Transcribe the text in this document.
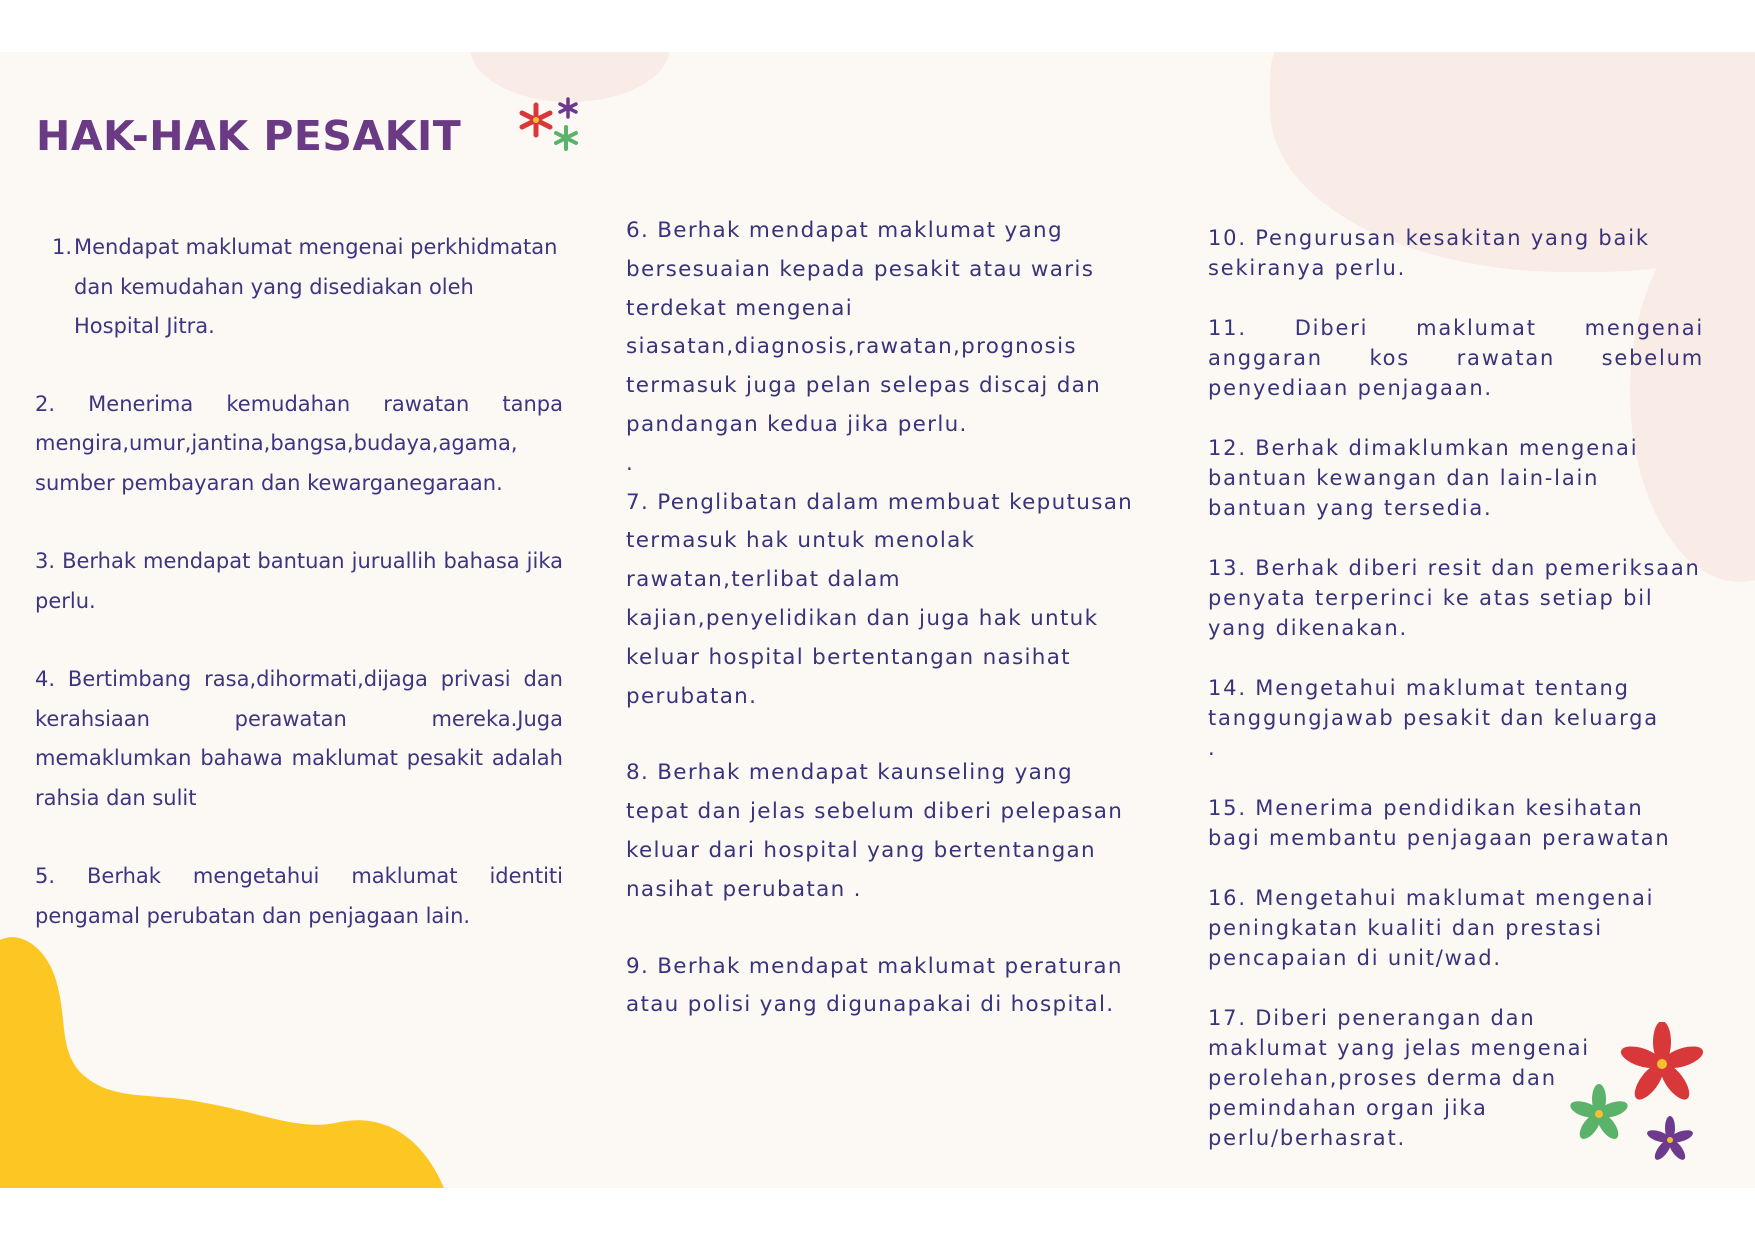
HAK-HAK PESAKIT
1. Mendapat maklumat mengenai perkhidmatan dan kemudahan yang disediakan oleh Hospital Jitra.

2. Menerima kemudahan rawatan tanpa mengira,umur,jantina,bangsa,budaya,agama, sumber pembayaran dan kewarganegaraan.

3. Berhak mendapat bantuan juruallih bahasa jika perlu.

4. Bertimbang rasa,dihormati,dijaga privasi dan kerahsiaan perawatan mereka.Juga memaklumkan bahawa maklumat pesakit adalah rahsia dan sulit

5. Berhak mengetahui maklumat identiti pengamal perubatan dan penjagaan lain.

6. Berhak mendapat maklumat yang bersesuaian kepada pesakit atau waris terdekat mengenai siasatan,diagnosis,rawatan,prognosis termasuk juga pelan selepas discaj dan pandangan kedua jika perlu.

.

7. Penglibatan dalam membuat keputusan termasuk hak untuk menolak rawatan,terlibat dalam kajian,penyelidikan dan juga hak untuk keluar hospital bertentangan nasihat perubatan.

8. Berhak mendapat kaunseling yang tepat dan jelas sebelum diberi pelepasan keluar dari hospital yang bertentangan nasihat perubatan .

9. Berhak mendapat maklumat peraturan atau polisi yang digunapakai di hospital.

10. Pengurusan kesakitan yang baik sekiranya perlu.

11. Diberi maklumat mengenai anggaran kos rawatan sebelum

penyediaan penjagaan.

12. Berhak dimaklumkan mengenai bantuan kewangan dan lain-lain bantuan yang tersedia.

13. Berhak diberi resit dan pemeriksaan penyata terperinci ke atas setiap bil yang dikenakan.

14. Mengetahui maklumat tentang tanggungjawab pesakit dan keluarga

.

15. Menerima pendidikan kesihatan bagi membantu penjagaan perawatan

16. Mengetahui maklumat mengenai peningkatan kualiti dan prestasi pencapaian di unit/wad.

17. Diberi penerangan dan maklumat yang jelas mengenai perolehan,proses derma dan pemindahan organ jika perlu/berhasrat.
